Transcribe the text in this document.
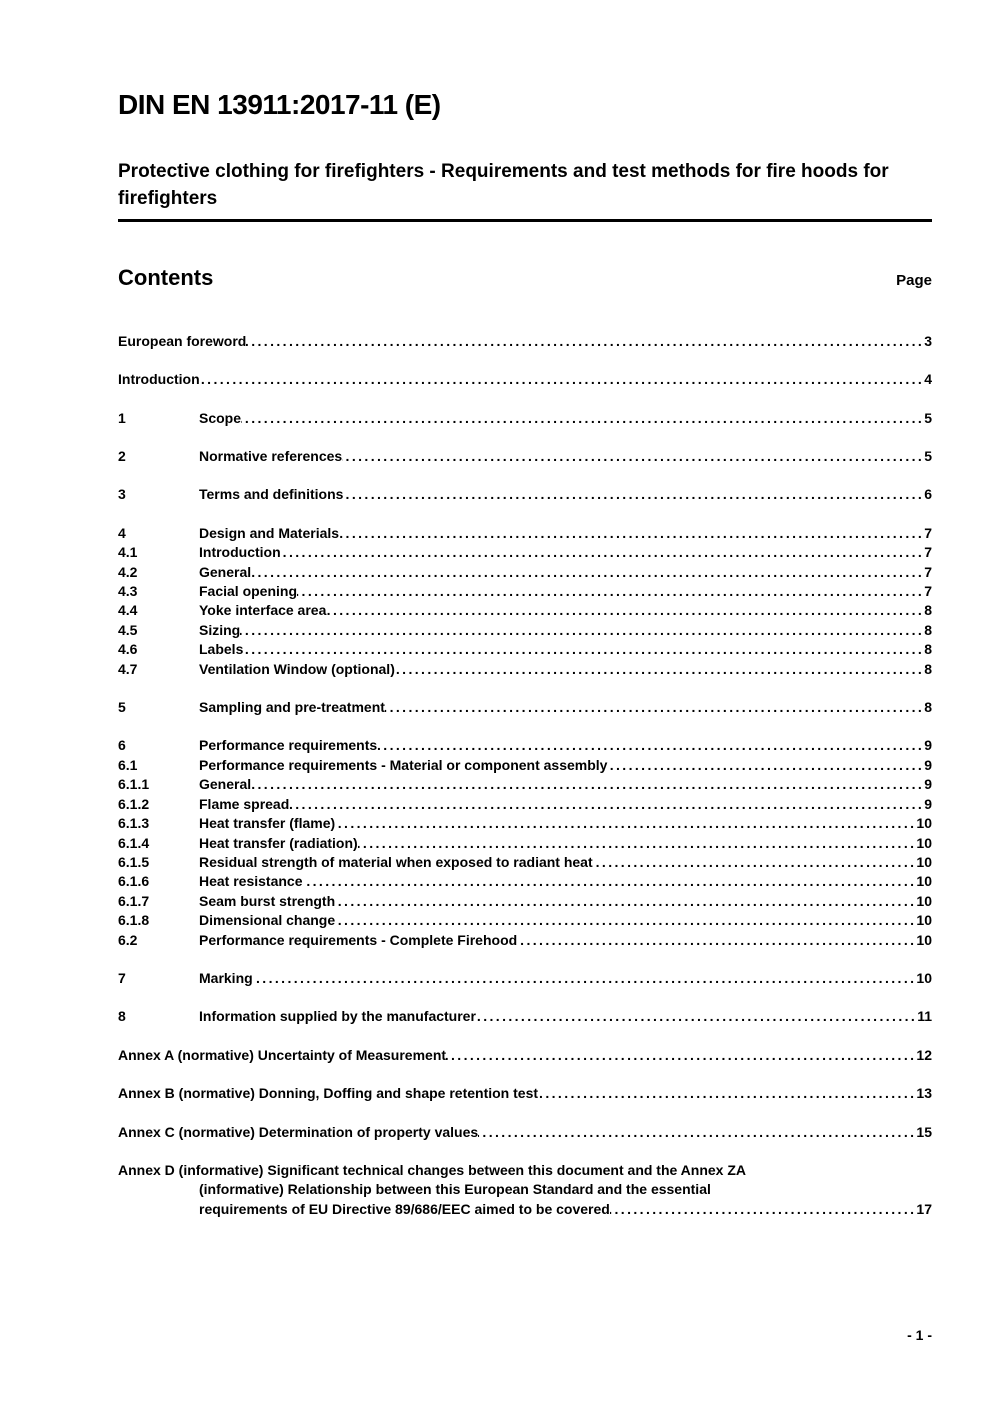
DIN EN 13911:2017-11 (E)
Protective clothing for firefighters - Requirements and test methods for fire hoods for firefighters
Contents	Page
European foreword .....	3
Introduction .....	4
1	Scope .....	5
2	Normative references .....	5
3	Terms and definitions .....	6
4	Design and Materials .....	7
4.1	Introduction .....	7
4.2	General .....	7
4.3	Facial opening .....	7
4.4	Yoke interface area .....	8
4.5	Sizing .....	8
4.6	Labels .....	8
4.7	Ventilation Window (optional) .....	8
5	Sampling and pre-treatment .....	8
6	Performance requirements .....	9
6.1	Performance requirements - Material or component assembly .....	9
6.1.1	General .....	9
6.1.2	Flame spread .....	9
6.1.3	Heat transfer (flame) .....	10
6.1.4	Heat transfer (radiation) .....	10
6.1.5	Residual strength of material when exposed to radiant heat .....	10
6.1.6	Heat resistance .....	10
6.1.7	Seam burst strength .....	10
6.1.8	Dimensional change .....	10
6.2	Performance requirements - Complete Firehood .....	10
7	Marking .....	10
8	Information supplied by the manufacturer .....	11
Annex A (normative) Uncertainty of Measurement .....	12
Annex B (normative) Donning, Doffing and shape retention test .....	13
Annex C (normative) Determination of property values .....	15
Annex D (informative) Significant technical changes between this document and the Annex ZA
(informative) Relationship between this European Standard and the essential
requirements of EU Directive 89/686/EEC aimed to be covered .....	17
- 1 -
